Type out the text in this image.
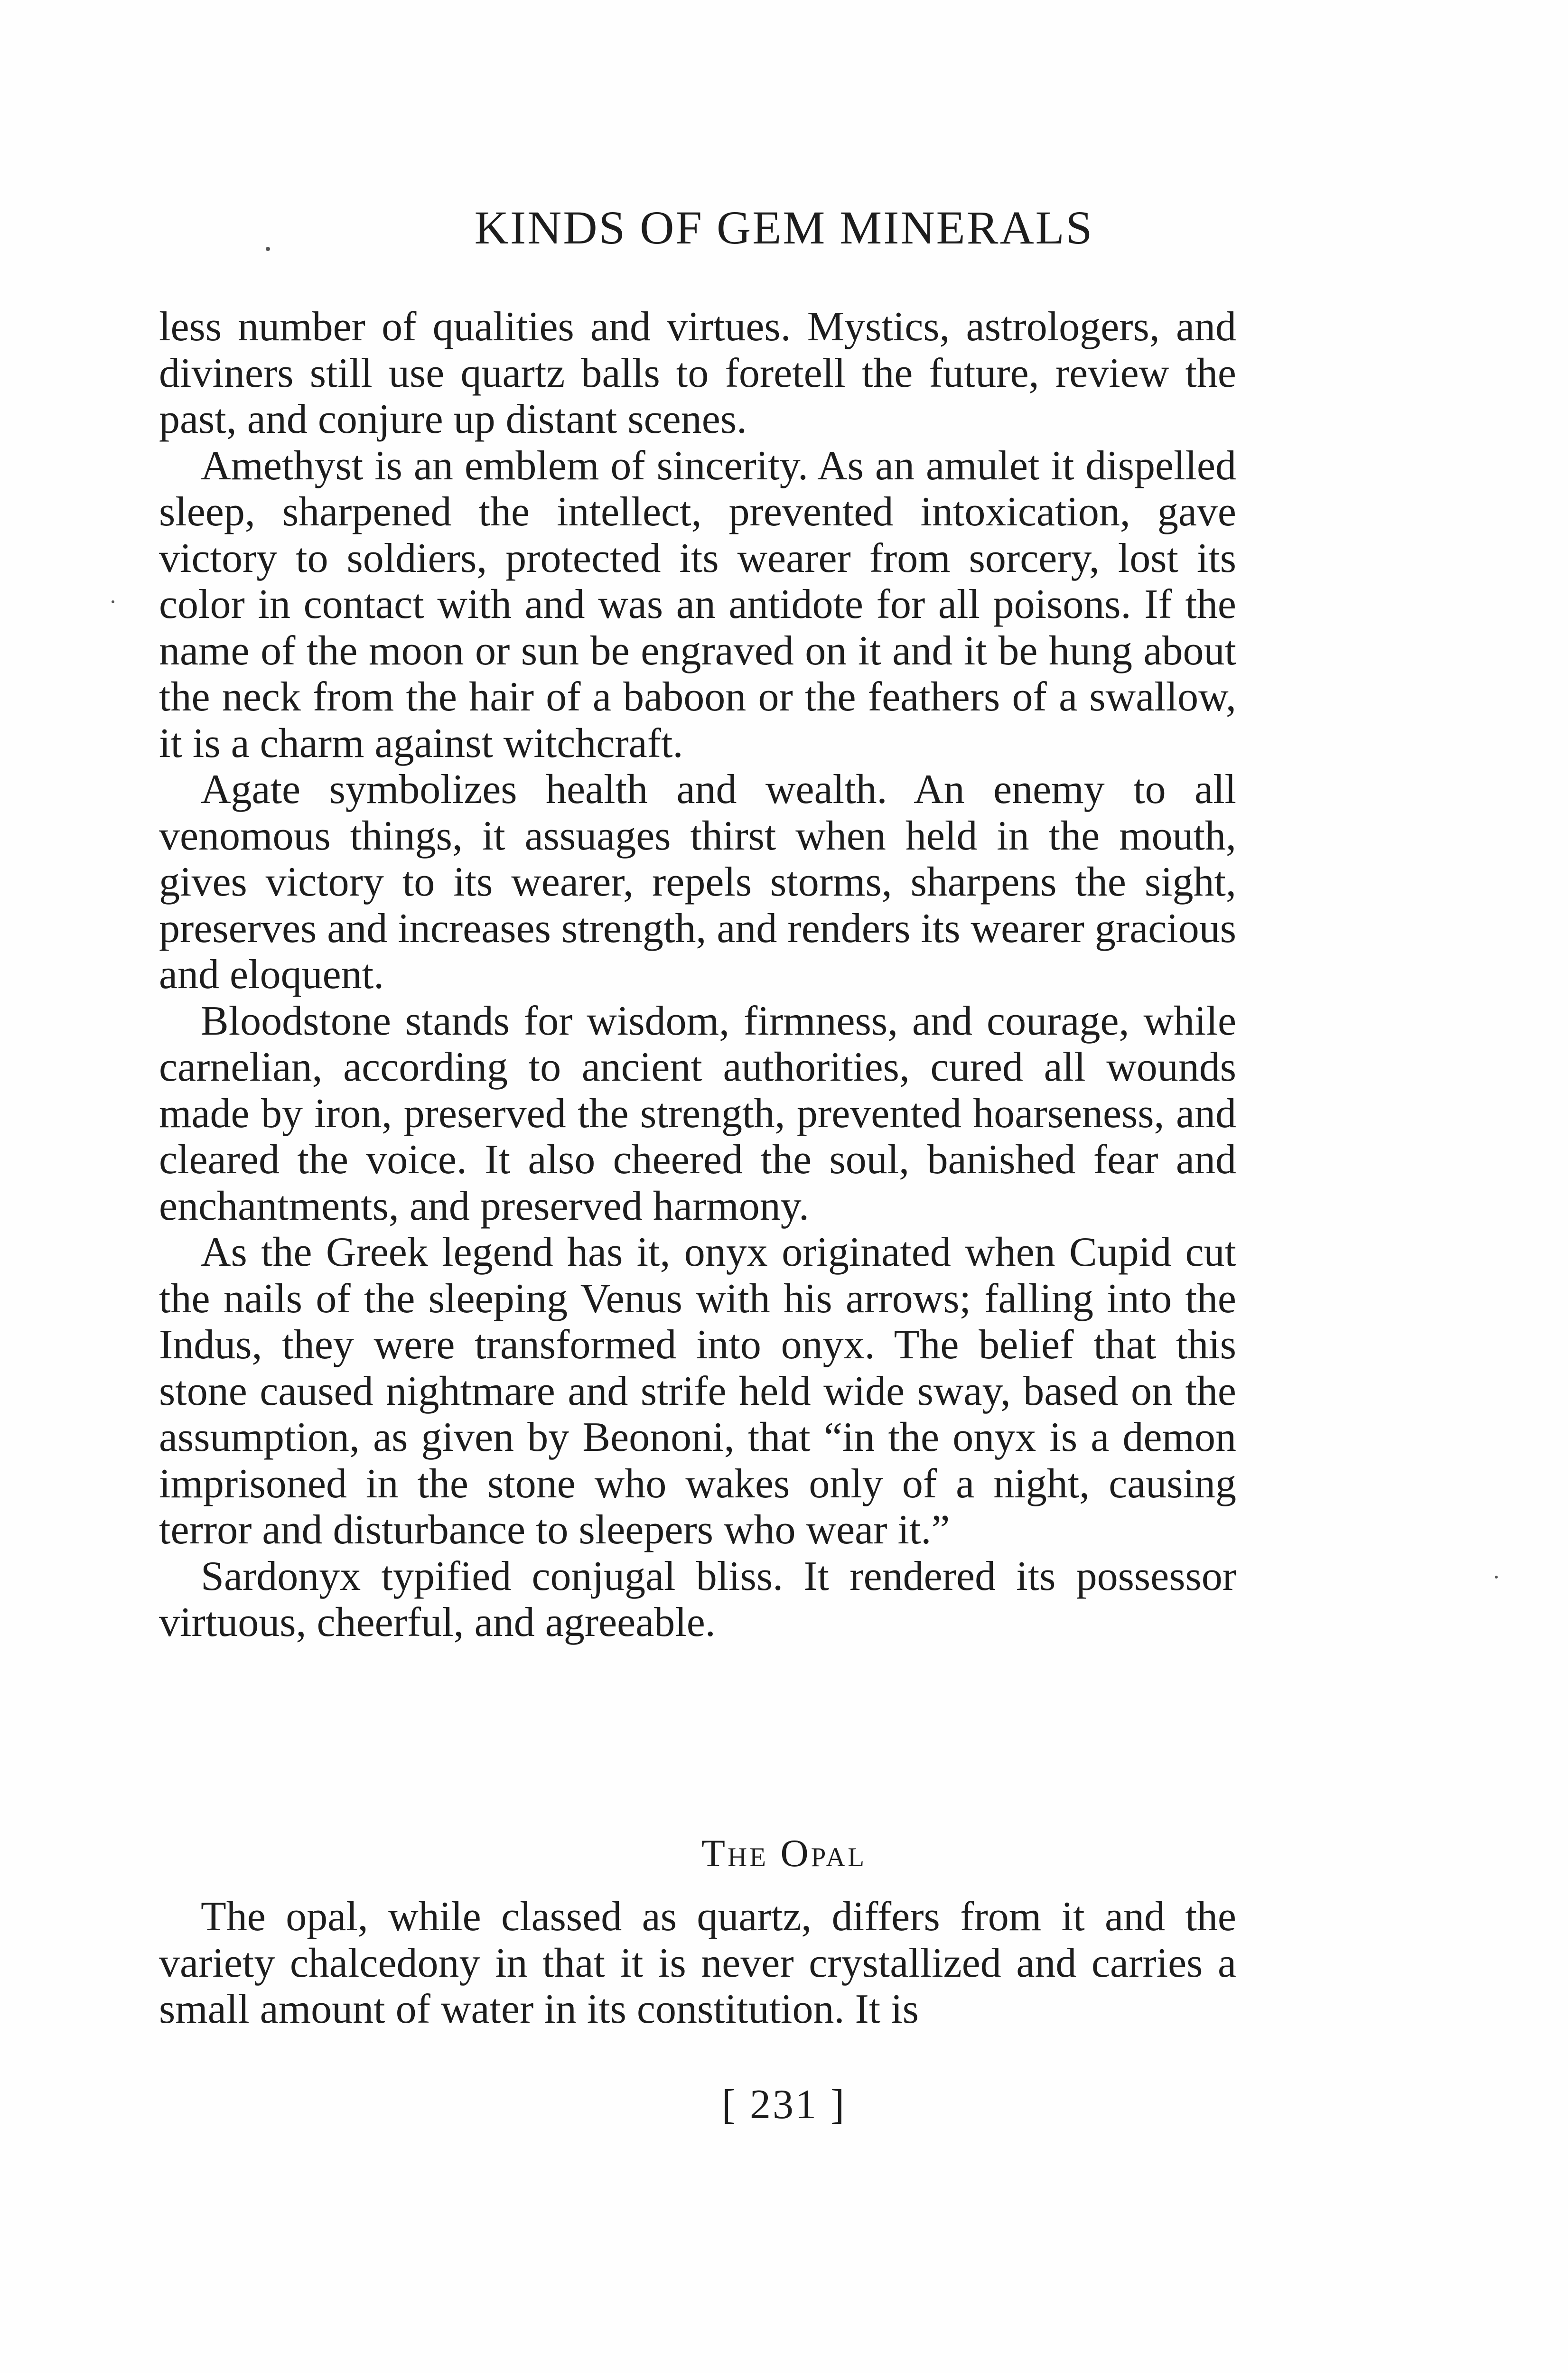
KINDS OF GEM MINERALS

less number of qualities and virtues. Mystics, astrologers, and diviners still use quartz balls to foretell the future, review the past, and conjure up distant scenes.

Amethyst is an emblem of sincerity. As an amulet it dispelled sleep, sharpened the intellect, prevented intoxication, gave victory to soldiers, protected its wearer from sorcery, lost its color in contact with and was an antidote for all poisons. If the name of the moon or sun be engraved on it and it be hung about the neck from the hair of a baboon or the feathers of a swallow, it is a charm against witchcraft.

Agate symbolizes health and wealth. An enemy to all venomous things, it assuages thirst when held in the mouth, gives victory to its wearer, repels storms, sharpens the sight, preserves and increases strength, and renders its wearer gracious and eloquent.

Bloodstone stands for wisdom, firmness, and courage, while carnelian, according to ancient authorities, cured all wounds made by iron, preserved the strength, prevented hoarseness, and cleared the voice. It also cheered the soul, banished fear and enchantments, and preserved harmony.

As the Greek legend has it, onyx originated when Cupid cut the nails of the sleeping Venus with his arrows; falling into the Indus, they were transformed into onyx. The belief that this stone caused nightmare and strife held wide sway, based on the assumption, as given by Beononi, that “in the onyx is a demon imprisoned in the stone who wakes only of a night, causing terror and disturbance to sleepers who wear it.”

Sardonyx typified conjugal bliss. It rendered its possessor virtuous, cheerful, and agreeable.

The Opal

The opal, while classed as quartz, differs from it and the variety chalcedony in that it is never crystallized and carries a small amount of water in its constitution. It is

[ 231 ]
